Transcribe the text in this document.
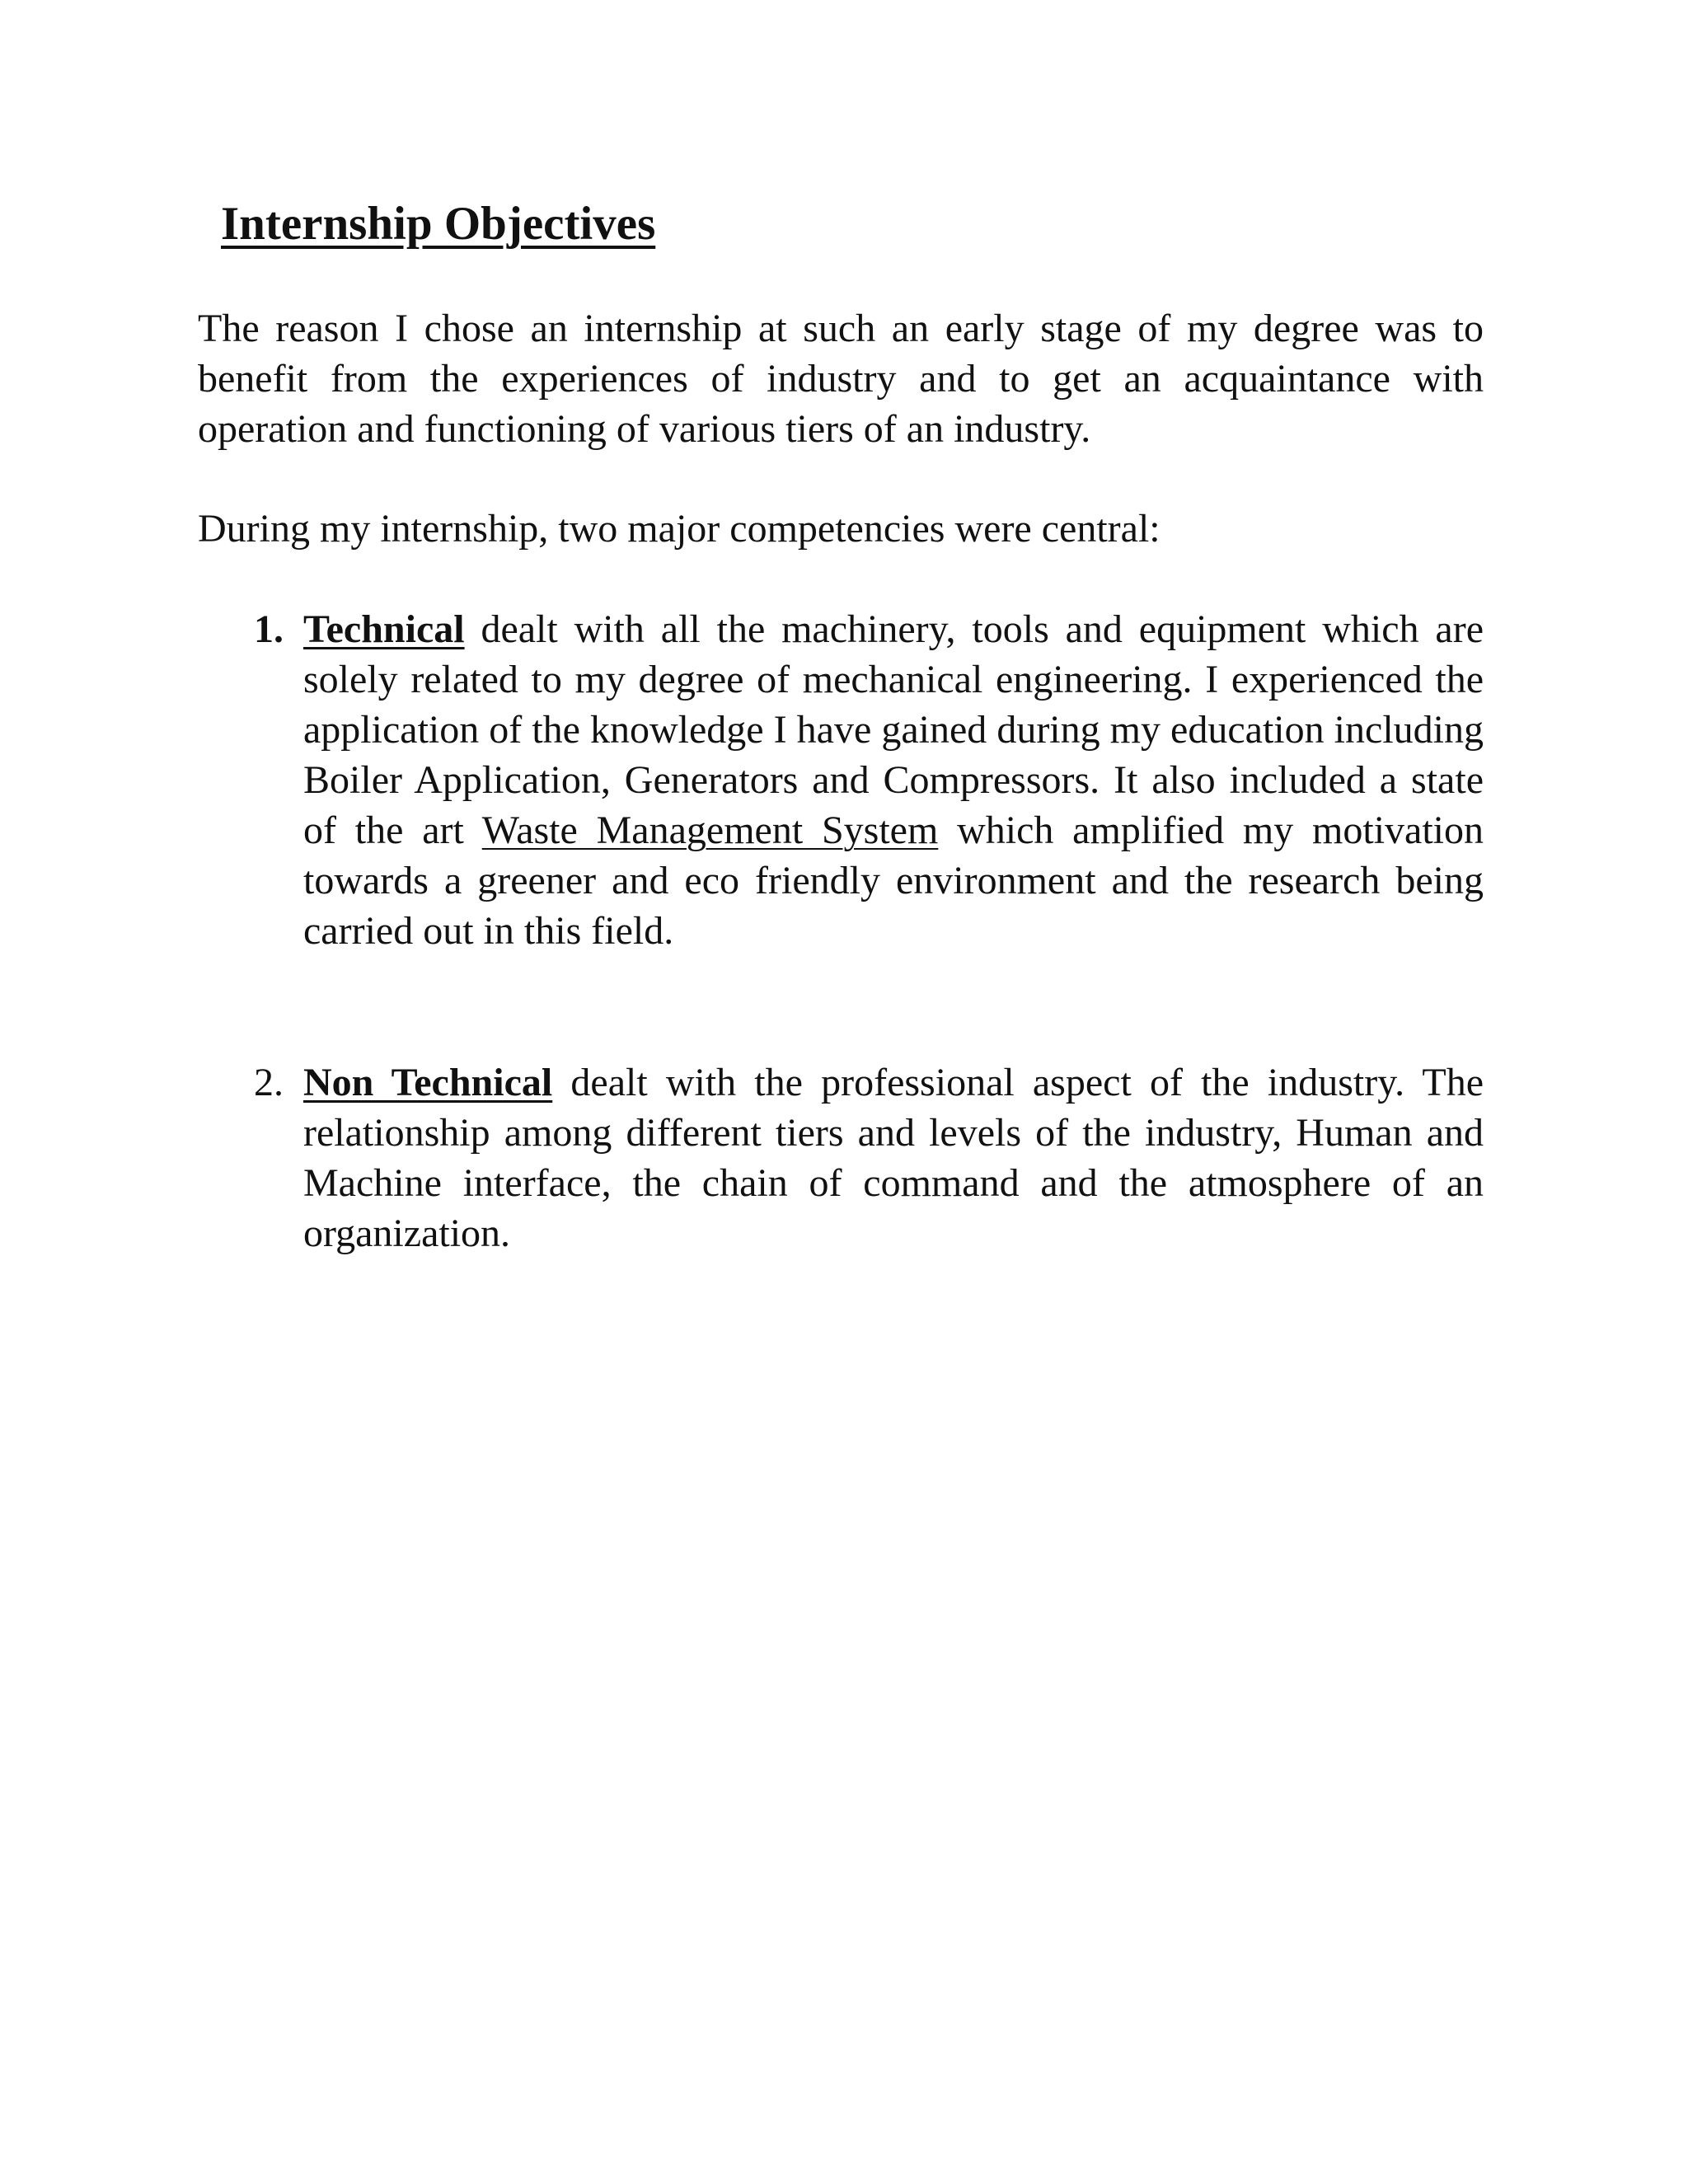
Internship Objectives

The reason I chose an internship at such an early stage of my degree was to benefit from the experiences of industry and to get an acquaintance with operation and functioning of various tiers of an industry.

During my internship, two major competencies were central:

1. Technical dealt with all the machinery, tools and equipment which are solely related to my degree of mechanical engineering. I experienced the application of the knowledge I have gained during my education including Boiler Application, Generators and Compressors. It also included a state of the art Waste Management System which amplified my motivation towards a greener and eco friendly environment and the research being carried out in this field.
2. Non Technical dealt with the professional aspect of the industry. The relationship among different tiers and levels of the industry, Human and Machine interface, the chain of command and the atmosphere of an organization.
